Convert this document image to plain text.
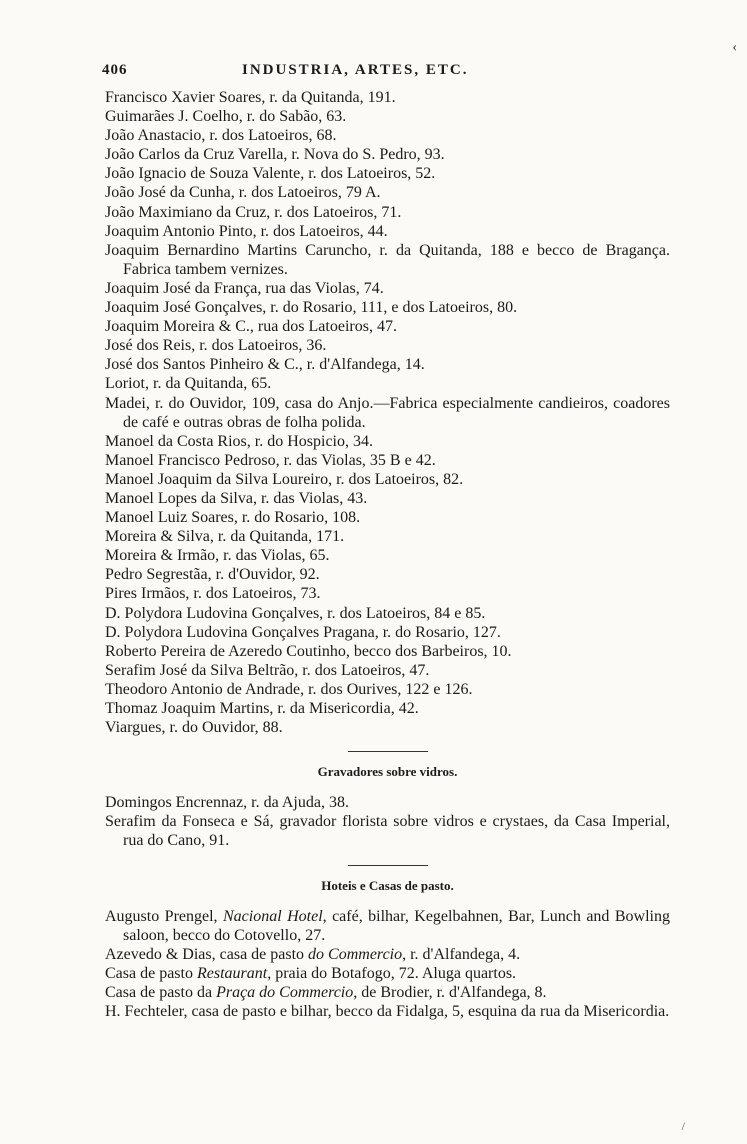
‹
406	INDUSTRIA, ARTES, ETC.

Francisco Xavier Soares, r. da Quitanda, 191.

Guimarães J. Coelho, r. do Sabão, 63.

João Anastacio, r. dos Latoeiros, 68.

João Carlos da Cruz Varella, r. Nova do S. Pedro, 93.

João Ignacio de Souza Valente, r. dos Latoeiros, 52.

João José da Cunha, r. dos Latoeiros, 79 A.

João Maximiano da Cruz, r. dos Latoeiros, 71.

Joaquim Antonio Pinto, r. dos Latoeiros, 44.

Joaquim Bernardino Martins Caruncho, r. da Quitanda, 188 e becco de Bragança. Fabrica tambem vernizes.

Joaquim José da França, rua das Violas, 74.

Joaquim José Gonçalves, r. do Rosario, 111, e dos Latoeiros, 80.

Joaquim Moreira & C., rua dos Latoeiros, 47.

José dos Reis, r. dos Latoeiros, 36.

José dos Santos Pinheiro & C., r. d'Alfandega, 14.

Loriot, r. da Quitanda, 65.

Madei, r. do Ouvidor, 109, casa do Anjo.—Fabrica especialmente candieiros, coadores de café e outras obras de folha polida.

Manoel da Costa Rios, r. do Hospicio, 34.

Manoel Francisco Pedroso, r. das Violas, 35 B e 42.

Manoel Joaquim da Silva Loureiro, r. dos Latoeiros, 82.

Manoel Lopes da Silva, r. das Violas, 43.

Manoel Luiz Soares, r. do Rosario, 108.

Moreira & Silva, r. da Quitanda, 171.

Moreira & Irmão, r. das Violas, 65.

Pedro Segrestãa, r. d'Ouvidor, 92.

Pires Irmãos, r. dos Latoeiros, 73.

D. Polydora Ludovina Gonçalves, r. dos Latoeiros, 84 e 85.

D. Polydora Ludovina Gonçalves Pragana, r. do Rosario, 127.

Roberto Pereira de Azeredo Coutinho, becco dos Barbeiros, 10.

Serafim José da Silva Beltrão, r. dos Latoeiros, 47.

Theodoro Antonio de Andrade, r. dos Ourives, 122 e 126.

Thomaz Joaquim Martins, r. da Misericordia, 42.

Viargues, r. do Ouvidor, 88.

Gravadores sobre vidros.

Domingos Encrennaz, r. da Ajuda, 38.

Serafim da Fonseca e Sá, gravador florista sobre vidros e crystaes, da Casa Imperial, rua do Cano, 91.

Hoteis e Casas de pasto.

Augusto Prengel, Nacional Hotel, café, bilhar, Kegelbahnen, Bar, Lunch and Bowling saloon, becco do Cotovello, 27.

Azevedo & Dias, casa de pasto do Commercio, r. d'Alfandega, 4.

Casa de pasto Restaurant, praia do Botafogo, 72. Aluga quartos.

Casa de pasto da Praça do Commercio, de Brodier, r. d'Alfandega, 8.

H. Fechteler, casa de pasto e bilhar, becco da Fidalga, 5, esquina da rua da Misericordia.

/
